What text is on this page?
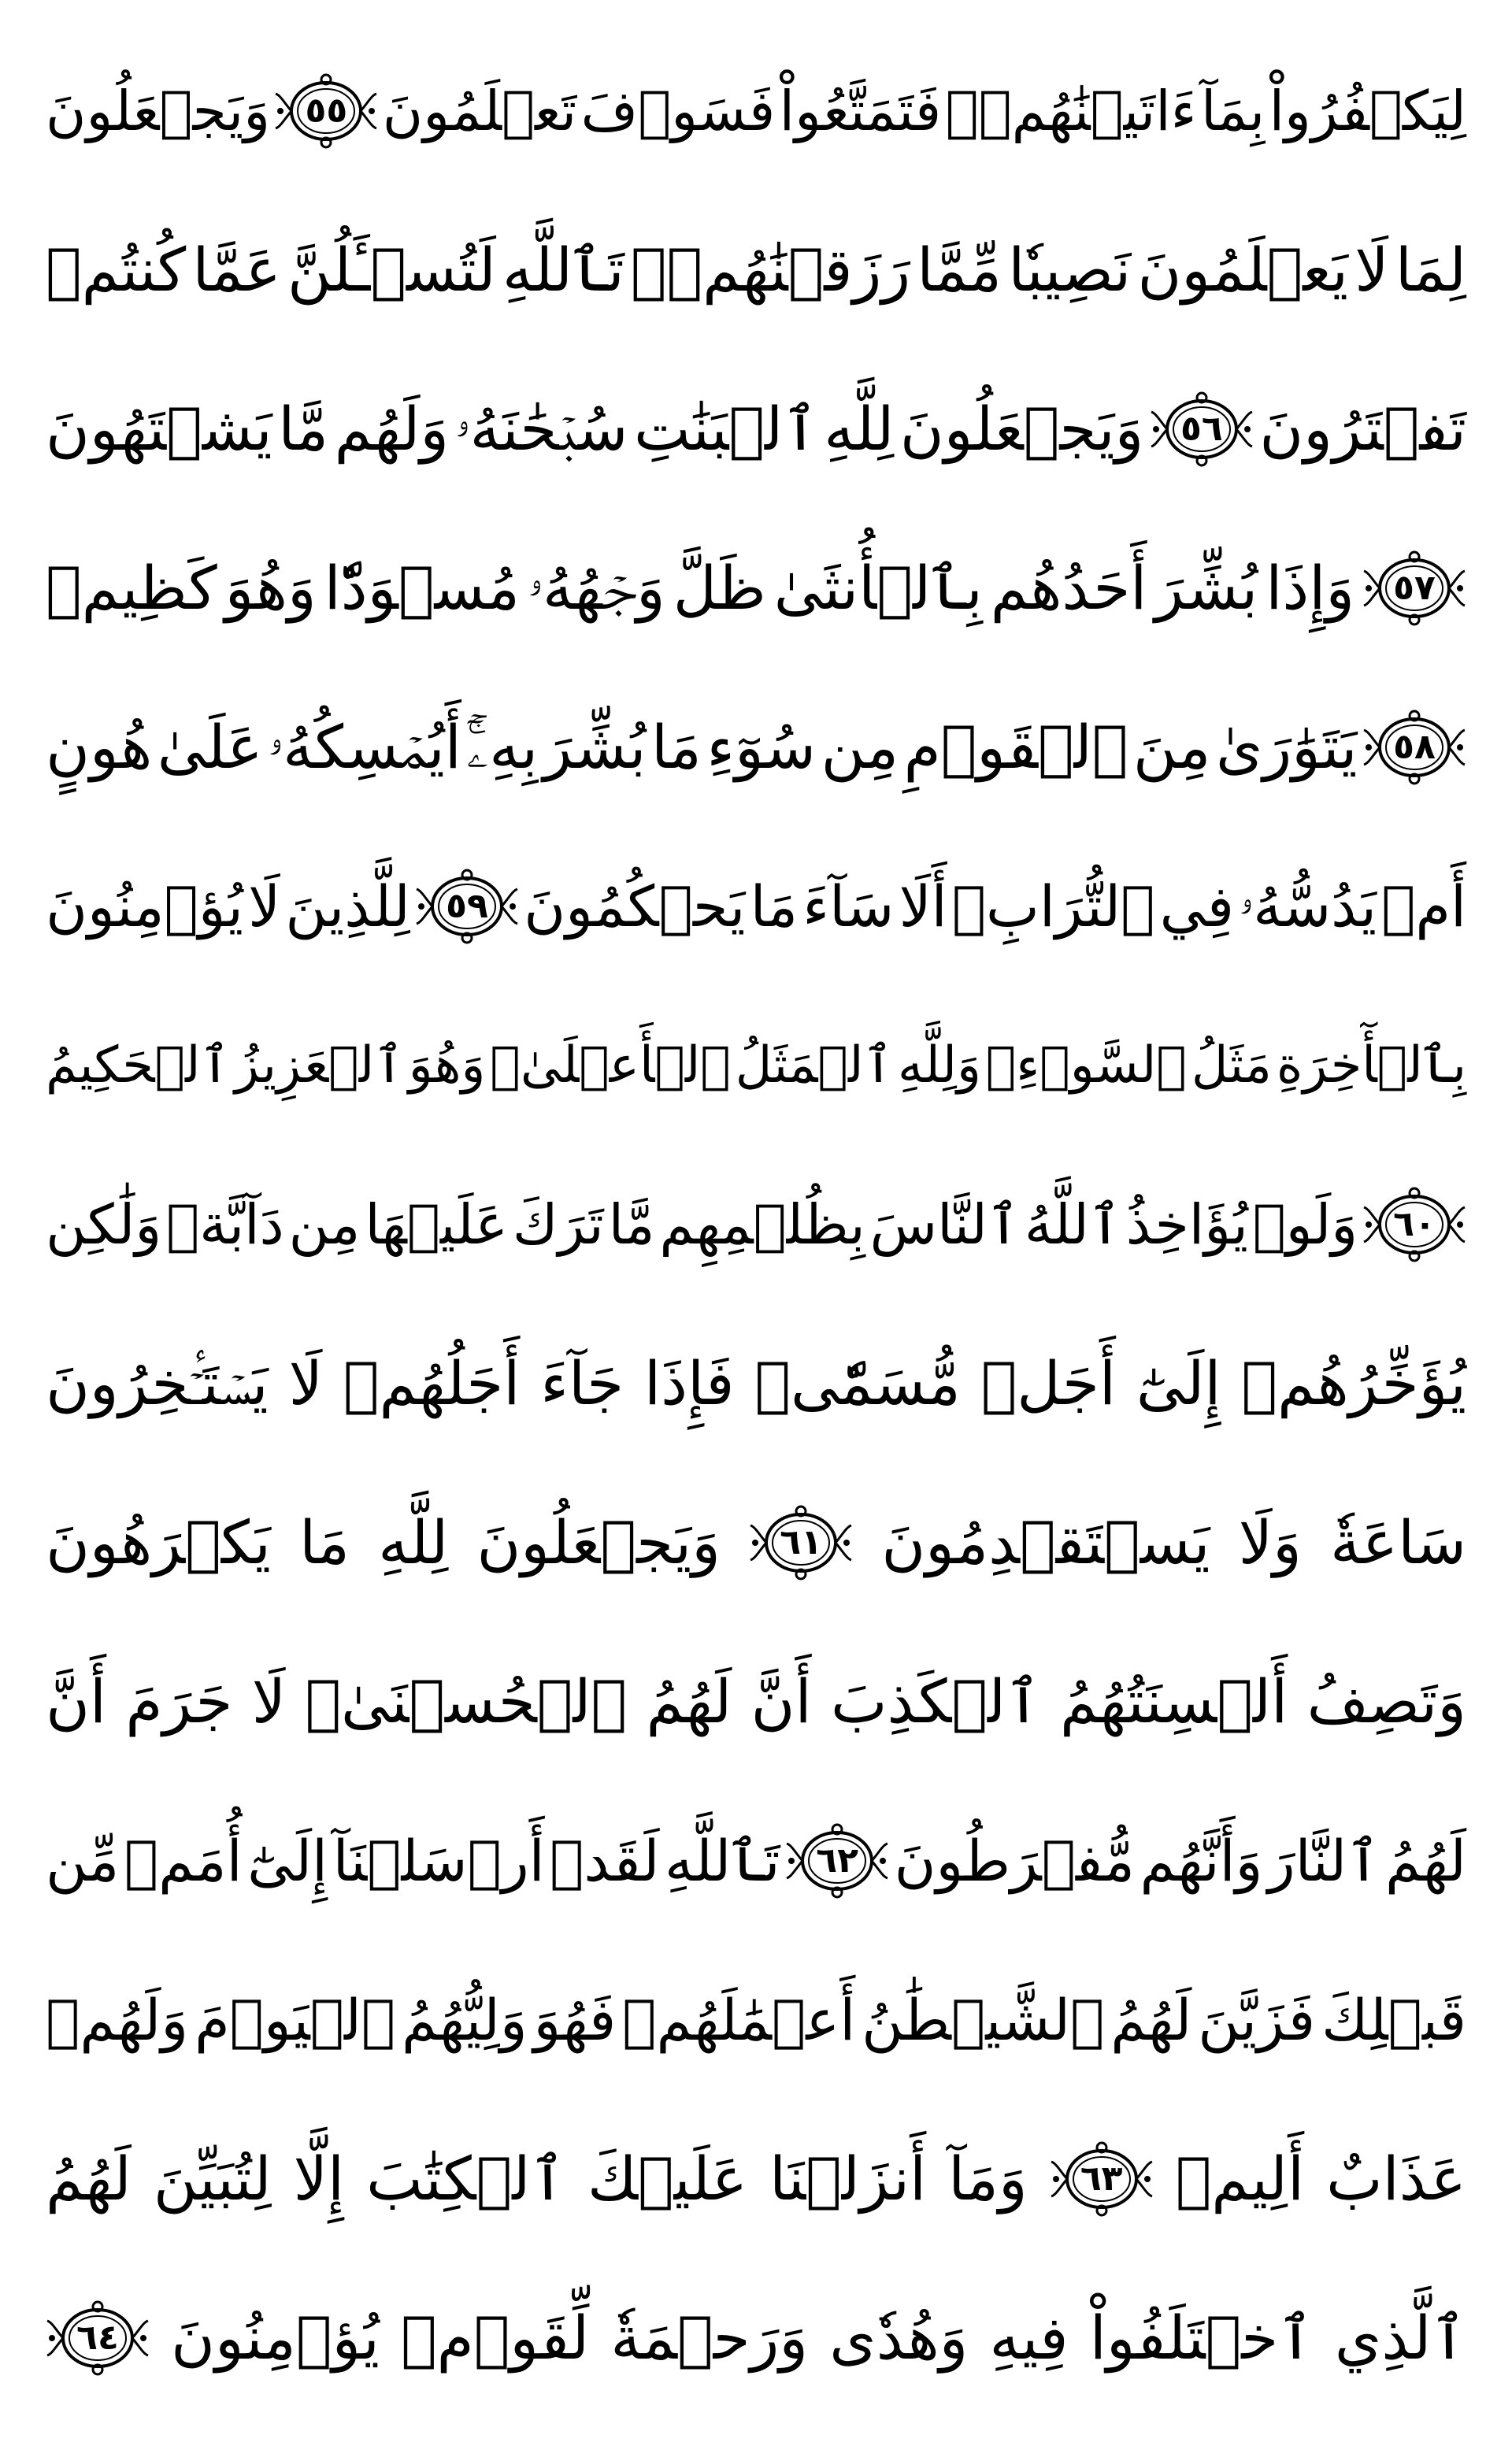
لِيَكۡفُرُواْ
بِمَآ
ءَاتَيۡنَٰهُمۡۚ
فَتَمَتَّعُواْ
فَسَوۡفَ
تَعۡلَمُونَ
٥٥
وَيَجۡعَلُونَ
لِمَا
لَا
يَعۡلَمُونَ
نَصِيبٗا
مِّمَّا
رَزَقۡنَٰهُمۡۗ
تَٱللَّهِ
لَتُسۡـَٔلُنَّ
عَمَّا
كُنتُمۡ
تَفۡتَرُونَ
٥٦
وَيَجۡعَلُونَ
لِلَّهِ
ٱلۡبَنَٰتِ
سُبۡحَٰنَهُۥ
وَلَهُم
مَّا
يَشۡتَهُونَ
٥٧
وَإِذَا
بُشِّرَ
أَحَدُهُم
بِٱلۡأُنثَىٰ
ظَلَّ
وَجۡهُهُۥ
مُسۡوَدّٗا
وَهُوَ
كَظِيمٞ
٥٨
يَتَوَٰرَىٰ
مِنَ
ٱلۡقَوۡمِ
مِن
سُوٓءِ
مَا
بُشِّرَ
بِهِۦٓۚ
أَيُمۡسِكُهُۥ
عَلَىٰ
هُونٍ
أَمۡ
يَدُسُّهُۥ
فِي
ٱلتُّرَابِۗ
أَلَا
سَآءَ
مَا
يَحۡكُمُونَ
٥٩
لِلَّذِينَ
لَا
يُؤۡمِنُونَ
بِٱلۡأٓخِرَةِ
مَثَلُ
ٱلسَّوۡءِۖ
وَلِلَّهِ
ٱلۡمَثَلُ
ٱلۡأَعۡلَىٰۚ
وَهُوَ
ٱلۡعَزِيزُ
ٱلۡحَكِيمُ
٦٠
وَلَوۡ
يُؤَاخِذُ
ٱللَّهُ
ٱلنَّاسَ
بِظُلۡمِهِم
مَّا
تَرَكَ
عَلَيۡهَا
مِن
دَآبَّةٖ
وَلَٰكِن
يُؤَخِّرُهُمۡ
إِلَىٰٓ
أَجَلٖ
مُّسَمّٗىۖ
فَإِذَا
جَآءَ
أَجَلُهُمۡ
لَا
يَسۡتَـٔۡخِرُونَ
سَاعَةٗ
وَلَا
يَسۡتَقۡدِمُونَ
٦١
وَيَجۡعَلُونَ
لِلَّهِ
مَا
يَكۡرَهُونَ
وَتَصِفُ
أَلۡسِنَتُهُمُ
ٱلۡكَذِبَ
أَنَّ
لَهُمُ
ٱلۡحُسۡنَىٰۖ
لَا
جَرَمَ
أَنَّ
لَهُمُ
ٱلنَّارَ
وَأَنَّهُم
مُّفۡرَطُونَ
٦٢
تَٱللَّهِ
لَقَدۡ
أَرۡسَلۡنَآ
إِلَىٰٓ
أُمَمٖ
مِّن
قَبۡلِكَ
فَزَيَّنَ
لَهُمُ
ٱلشَّيۡطَٰنُ
أَعۡمَٰلَهُمۡ
فَهُوَ
وَلِيُّهُمُ
ٱلۡيَوۡمَ
وَلَهُمۡ
عَذَابٌ
أَلِيمٞ
٦٣
وَمَآ
أَنزَلۡنَا
عَلَيۡكَ
ٱلۡكِتَٰبَ
إِلَّا
لِتُبَيِّنَ
لَهُمُ
ٱلَّذِي
ٱخۡتَلَفُواْ
فِيهِ
وَهُدٗى
وَرَحۡمَةٗ
لِّقَوۡمٖ
يُؤۡمِنُونَ
٦٤
